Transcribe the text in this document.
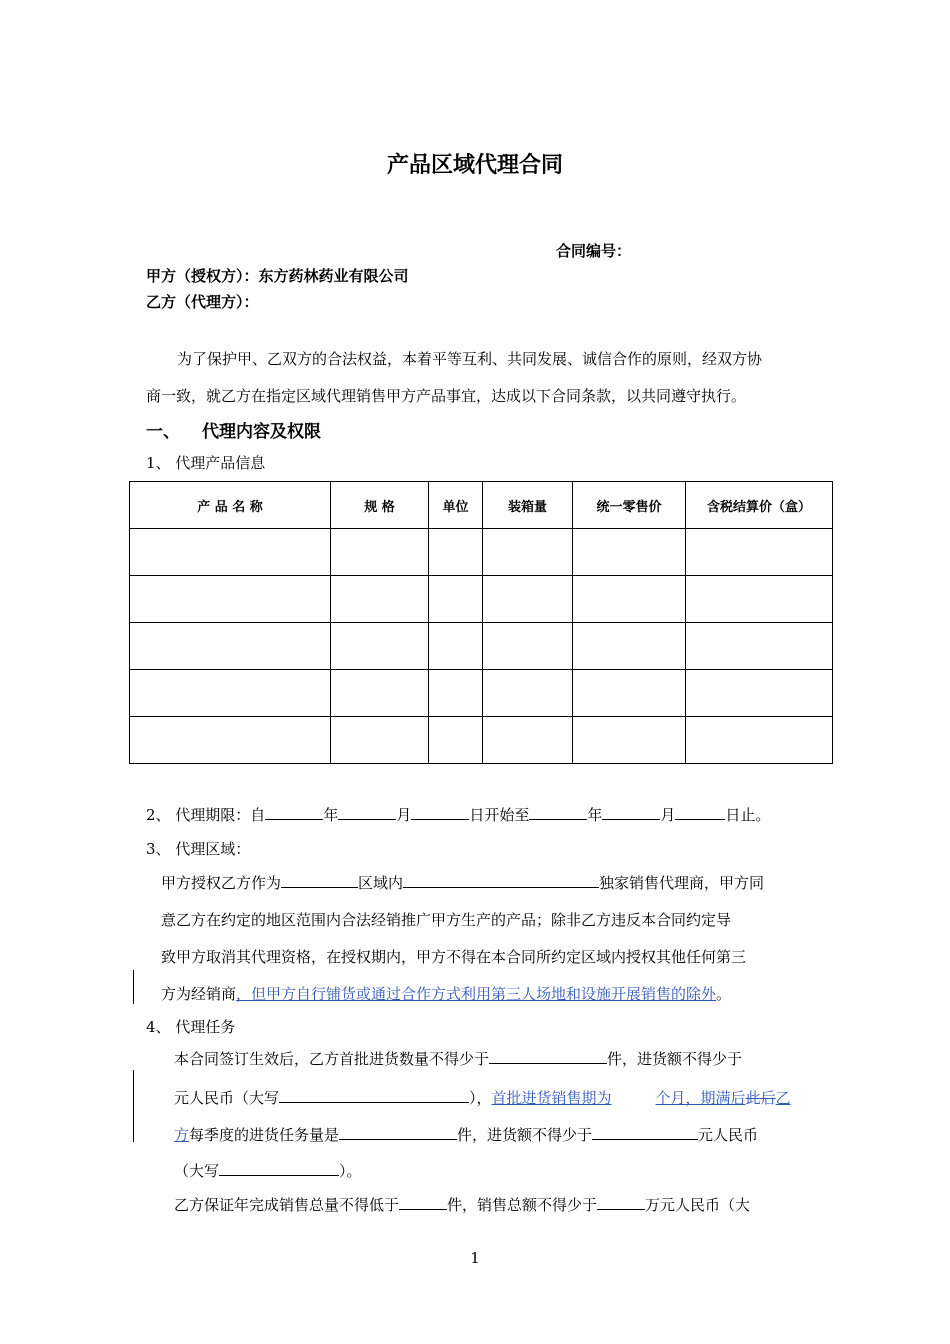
产品区域代理合同
合同编号：
甲方（授权方）：东方药林药业有限公司
乙方（代理方）：
为了保护甲、乙双方的合法权益，本着平等互利、共同发展、诚信合作的原则，经双方协
商一致，就乙方在指定区域代理销售甲方产品事宜，达成以下合同条款，以共同遵守执行。
一、 代理内容及权限
1、 代理产品信息
产 品 名 称	规 格	单位	装箱量	统一零售价	含税结算价（盒）

2、 代理期限：自	年	月	日开始至	年	月	日止。
3、 代理区域：
甲方授权乙方作为	区域内	独家销售代理商，甲方同
意乙方在约定的地区范围内合法经销推广甲方生产的产品；除非乙方违反本合同约定导
致甲方取消其代理资格，在授权期内，甲方不得在本合同所约定区域内授权其他任何第三
方为经销商，但甲方自行铺货或通过合作方式利用第三人场地和设施开展销售的除外。
4、 代理任务
本合同签订生效后，乙方首批进货数量不得少于	件，进货额不得少于
元人民币（大写	），首批进货销售期为	个月，期满后此后乙
方每季度的进货任务量是	件，进货额不得少于	元人民币
（大写	）。
乙方保证年完成销售总量不得低于	件，销售总额不得少于	万元人民币（大
1
